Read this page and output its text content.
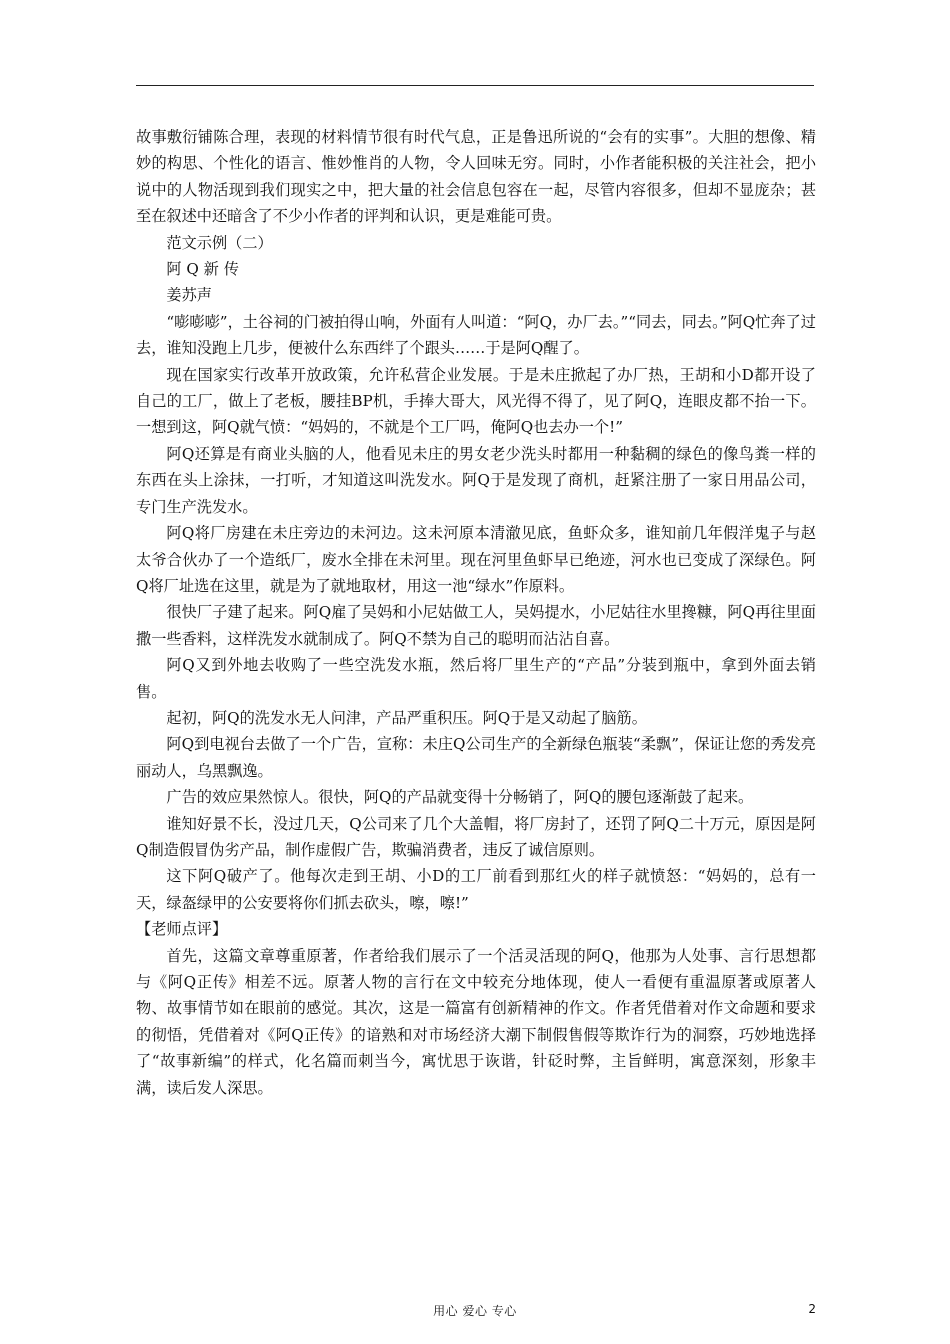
故事敷衍铺陈合理，表现的材料情节很有时代气息，正是鲁迅所说的“会有的实事”。大胆的想像、精妙的构思、个性化的语言、惟妙惟肖的人物，令人回味无穷。同时，小作者能积极的关注社会，把小说中的人物活现到我们现实之中，把大量的社会信息包容在一起，尽管内容很多，但却不显庞杂；甚至在叙述中还暗含了不少小作者的评判和认识，更是难能可贵。

范文示例（二）

阿 Q 新 传

姜苏声

“嘭嘭嘭”，土谷祠的门被拍得山响，外面有人叫道：“阿Q，办厂去。”“同去，同去。”阿Q忙奔了过去，谁知没跑上几步，便被什么东西绊了个跟头……于是阿Q醒了。

现在国家实行改革开放政策，允许私营企业发展。于是未庄掀起了办厂热，王胡和小D都开设了自己的工厂，做上了老板，腰挂BP机，手捧大哥大，风光得不得了，见了阿Q，连眼皮都不抬一下。一想到这，阿Q就气愤：“妈妈的，不就是个工厂吗，俺阿Q也去办一个!”

阿Q还算是有商业头脑的人，他看见未庄的男女老少洗头时都用一种黏稠的绿色的像鸟粪一样的东西在头上涂抹，一打听，才知道这叫洗发水。阿Q于是发现了商机，赶紧注册了一家日用品公司，专门生产洗发水。

阿Q将厂房建在未庄旁边的未河边。这未河原本清澈见底，鱼虾众多，谁知前几年假洋鬼子与赵太爷合伙办了一个造纸厂，废水全排在未河里。现在河里鱼虾早已绝迹，河水也已变成了深绿色。阿Q将厂址选在这里，就是为了就地取材，用这一池“绿水”作原料。

很快厂子建了起来。阿Q雇了吴妈和小尼姑做工人，吴妈提水，小尼姑往水里搀糠，阿Q再往里面撒一些香料，这样洗发水就制成了。阿Q不禁为自己的聪明而沾沾自喜。

阿Q又到外地去收购了一些空洗发水瓶，然后将厂里生产的“产品”分装到瓶中，拿到外面去销售。

起初，阿Q的洗发水无人问津，产品严重积压。阿Q于是又动起了脑筋。

阿Q到电视台去做了一个广告，宣称：未庄Q公司生产的全新绿色瓶装“柔飘”，保证让您的秀发亮丽动人，乌黑飘逸。

广告的效应果然惊人。很快，阿Q的产品就变得十分畅销了，阿Q的腰包逐渐鼓了起来。

谁知好景不长，没过几天，Q公司来了几个大盖帽，将厂房封了，还罚了阿Q二十万元，原因是阿Q制造假冒伪劣产品，制作虚假广告，欺骗消费者，违反了诚信原则。

这下阿Q破产了。他每次走到王胡、小D的工厂前看到那红火的样子就愤怒：“妈妈的，总有一天，绿盔绿甲的公安要将你们抓去砍头，嚓，嚓!”

【老师点评】

首先，这篇文章尊重原著，作者给我们展示了一个活灵活现的阿Q，他那为人处事、言行思想都与《阿Q正传》相差不远。原著人物的言行在文中较充分地体现，使人一看便有重温原著或原著人物、故事情节如在眼前的感觉。其次，这是一篇富有创新精神的作文。作者凭借着对作文命题和要求的彻悟，凭借着对《阿Q正传》的谙熟和对市场经济大潮下制假售假等欺诈行为的洞察，巧妙地选择了“故事新编”的样式，化名篇而刺当今，寓忧思于诙谐，针砭时弊，主旨鲜明，寓意深刻，形象丰满，读后发人深思。

用心 爱心 专心	2
